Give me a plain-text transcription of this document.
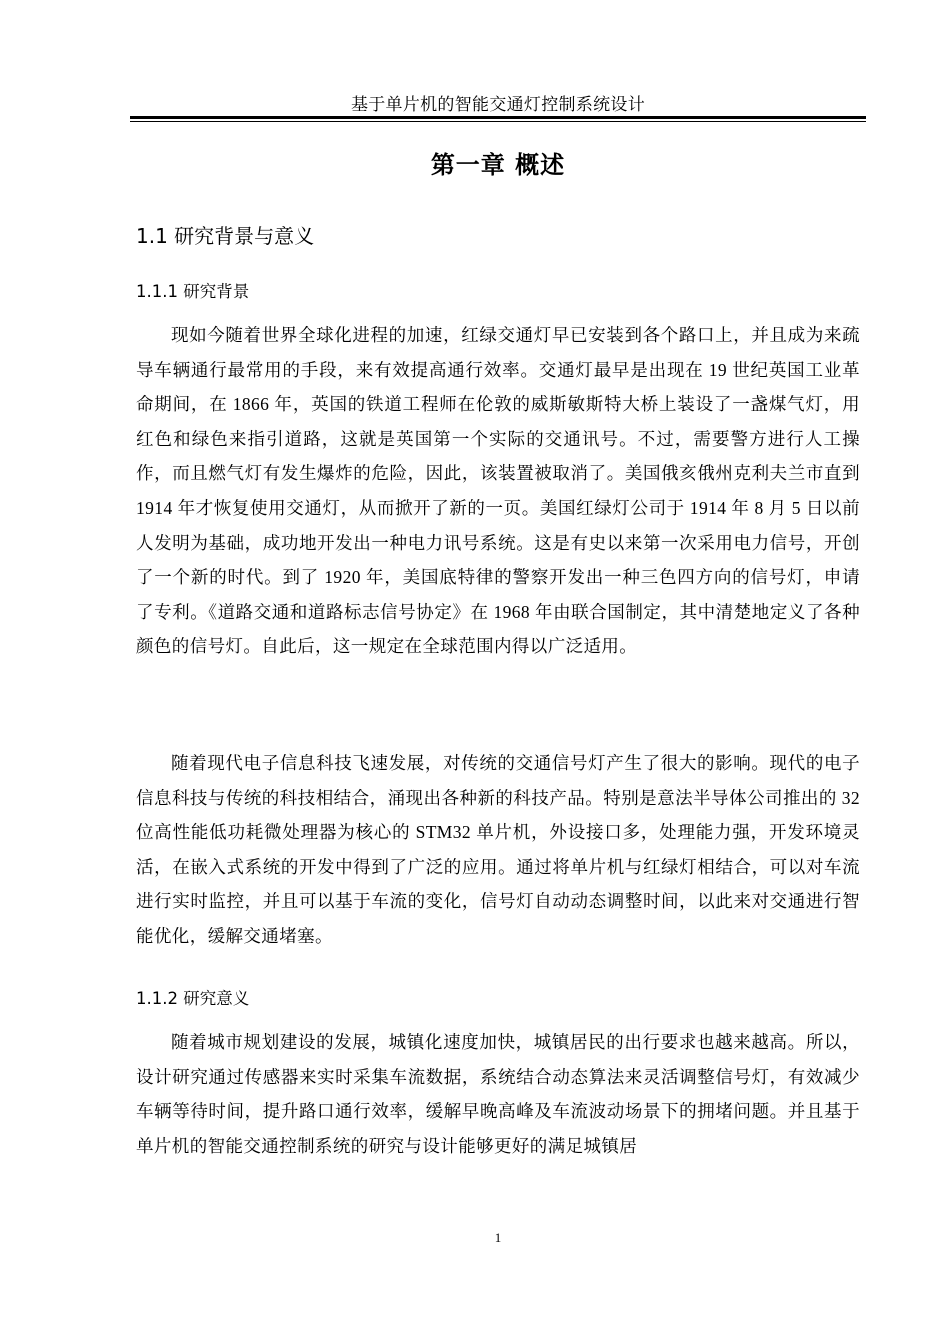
基于单片机的智能交通灯控制系统设计
第一章 概述
1.1 研究背景与意义
1.1.1 研究背景

现如今随着世界全球化进程的加速，红绿交通灯早已安装到各个路口上，并且成为来疏导车辆通行最常用的手段，来有效提高通行效率。交通灯最早是出现在 19 世纪英国工业革命期间，在 1866 年，英国的铁道工程师在伦敦的威斯敏斯特大桥上装设了一盏煤气灯，用红色和绿色来指引道路，这就是英国第一个实际的交通讯号。不过，需要警方进行人工操作，而且燃气灯有发生爆炸的危险，因此，该装置被取消了。美国俄亥俄州克利夫兰市直到 1914 年才恢复使用交通灯，从而掀开了新的一页。美国红绿灯公司于 1914 年 8 月 5 日以前人发明为基础，成功地开发出一种电力讯号系统。这是有史以来第一次采用电力信号，开创了一个新的时代。到了 1920 年，美国底特律的警察开发出一种三色四方向的信号灯，申请了专利。《道路交通和道路标志信号协定》在 1968 年由联合国制定，其中清楚地定义了各种颜色的信号灯。自此后，这一规定在全球范围内得以广泛适用。

随着现代电子信息科技飞速发展，对传统的交通信号灯产生了很大的影响。现代的电子信息科技与传统的科技相结合，涌现出各种新的科技产品。特别是意法半导体公司推出的 32 位高性能低功耗微处理器为核心的 STM32 单片机，外设接口多，处理能力强，开发环境灵活，在嵌入式系统的开发中得到了广泛的应用。通过将单片机与红绿灯相结合，可以对车流进行实时监控，并且可以基于车流的变化，信号灯自动动态调整时间，以此来对交通进行智能优化，缓解交通堵塞。

1.1.2 研究意义

随着城市规划建设的发展，城镇化速度加快，城镇居民的出行要求也越来越高。所以，设计研究通过传感器来实时采集车流数据，系统结合动态算法来灵活调整信号灯，有效减少车辆等待时间，提升路口通行效率，缓解早晚高峰及车流波动场景下的拥堵问题。并且基于单片机的智能交通控制系统的研究与设计能够更好的满足城镇居

1
